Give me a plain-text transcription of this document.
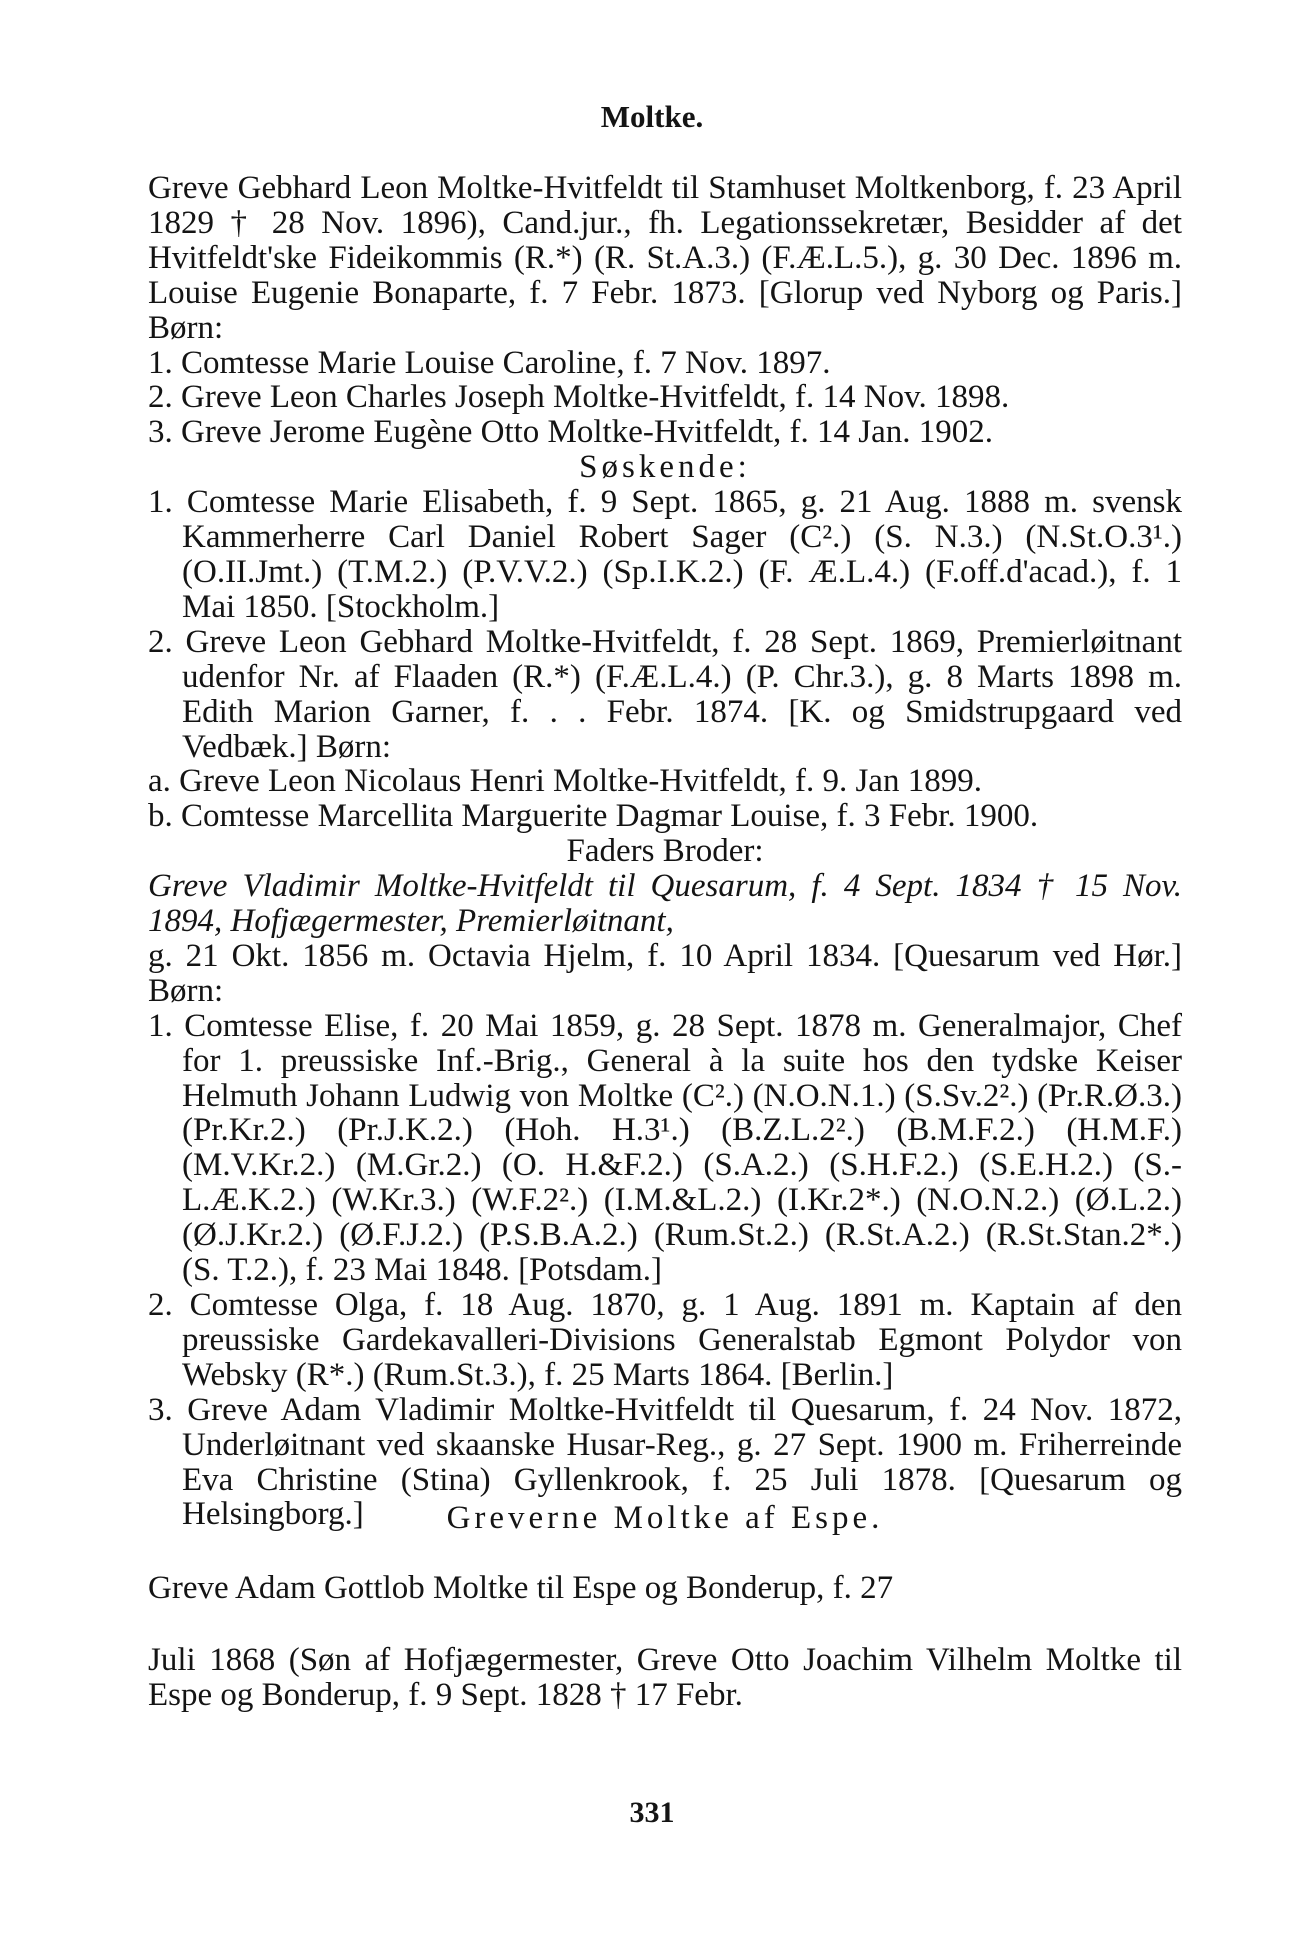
Moltke.

Greve Gebhard Leon Moltke-Hvitfeldt til Stamhuset Moltkenborg, f. 23 April 1829 † 28 Nov. 1896), Cand.jur., fh. Legationssekretær, Besidder af det Hvitfeldt'ske Fideikommis (R.*) (R. St.A.3.) (F.Æ.L.5.), g. 30 Dec. 1896 m. Louise Eugenie Bonaparte, f. 7 Febr. 1873. [Glorup ved Nyborg og Paris.] Børn:

1. Comtesse Marie Louise Caroline, f. 7 Nov. 1897.

2. Greve Leon Charles Joseph Moltke-Hvitfeldt, f. 14 Nov. 1898.

3. Greve Jerome Eugène Otto Moltke-Hvitfeldt, f. 14 Jan. 1902.

Søskende:

1. Comtesse Marie Elisabeth, f. 9 Sept. 1865, g. 21 Aug. 1888 m. svensk Kammerherre Carl Daniel Robert Sager (C².) (S. N.3.) (N.St.O.3¹.) (O.II.Jmt.) (T.M.2.) (P.V.V.2.) (Sp.I.K.2.) (F. Æ.L.4.) (F.off.d'acad.), f. 1 Mai 1850. [Stockholm.]

2. Greve Leon Gebhard Moltke-Hvitfeldt, f. 28 Sept. 1869, Premierløitnant udenfor Nr. af Flaaden (R.*) (F.Æ.L.4.) (P. Chr.3.), g. 8 Marts 1898 m. Edith Marion Garner, f. . . Febr. 1874. [K. og Smidstrupgaard ved Vedbæk.] Børn:

a. Greve Leon Nicolaus Henri Moltke-Hvitfeldt, f. 9. Jan 1899.

b. Comtesse Marcellita Marguerite Dagmar Louise, f. 3 Febr. 1900.

Faders Broder:

Greve Vladimir Moltke-Hvitfeldt til Quesarum, f. 4 Sept. 1834 † 15 Nov. 1894, Hofjægermester, Premierløitnant,

g. 21 Okt. 1856 m. Octavia Hjelm, f. 10 April 1834. [Quesarum ved Hør.] Børn:

1. Comtesse Elise, f. 20 Mai 1859, g. 28 Sept. 1878 m. Generalmajor, Chef for 1. preussiske Inf.-Brig., General à la suite hos den tydske Keiser Helmuth Johann Ludwig von Moltke (C².) (N.O.N.1.) (S.Sv.2².) (Pr.R.Ø.3.) (Pr.Kr.2.) (Pr.J.K.2.) (Hoh. H.3¹.) (B.Z.L.2².) (B.M.F.2.) (H.M.F.) (M.V.Kr.2.) (M.Gr.2.) (O. H.&F.2.) (S.A.2.) (S.H.F.2.) (S.E.H.2.) (S.-L.Æ.K.2.) (W.Kr.3.) (W.F.2².) (I.M.&L.2.) (I.Kr.2*.) (N.O.N.2.) (Ø.L.2.) (Ø.J.Kr.2.) (Ø.F.J.2.) (P.S.B.A.2.) (Rum.St.2.) (R.St.A.2.) (R.St.Stan.2*.) (S. T.2.), f. 23 Mai 1848. [Potsdam.]

2. Comtesse Olga, f. 18 Aug. 1870, g. 1 Aug. 1891 m. Kaptain af den preussiske Gardekavalleri-Divisions Generalstab Egmont Polydor von Websky (R*.) (Rum.St.3.), f. 25 Marts 1864. [Berlin.]

3. Greve Adam Vladimir Moltke-Hvitfeldt til Quesarum, f. 24 Nov. 1872, Underløitnant ved skaanske Husar-Reg., g. 27 Sept. 1900 m. Friherreinde Eva Christine (Stina) Gyllenkrook, f. 25 Juli 1878. [Quesarum og Helsingborg.]	Greverne Moltke af Espe.
Greve Adam Gottlob Moltke til Espe og Bonderup, f. 27
Juli 1868 (Søn af Hofjægermester, Greve Otto Joachim Vilhelm Moltke til Espe og Bonderup, f. 9 Sept. 1828 † 17 Febr.
331
